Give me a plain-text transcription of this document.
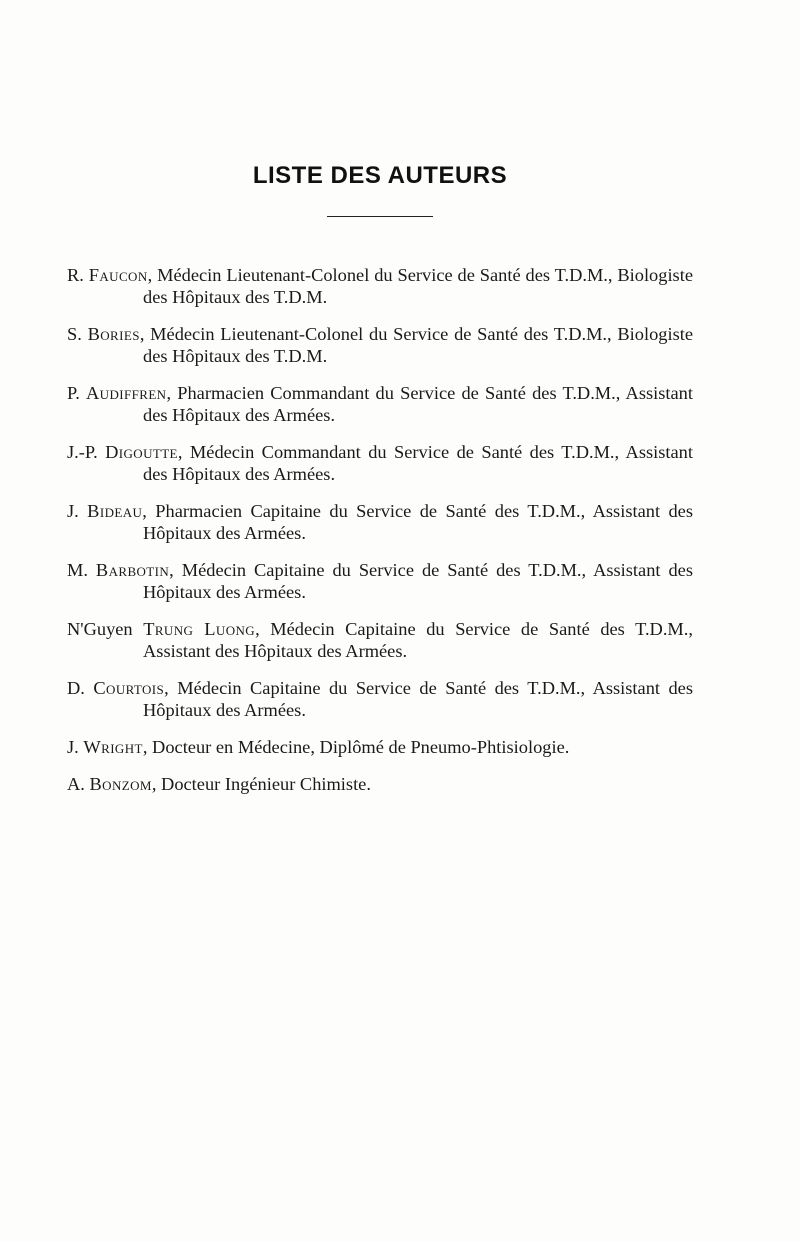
LISTE DES AUTEURS
R. Faucon, Médecin Lieutenant-Colonel du Service de Santé des T.D.M., Biologiste des Hôpitaux des T.D.M.
S. Bories, Médecin Lieutenant-Colonel du Service de Santé des T.D.M., Biologiste des Hôpitaux des T.D.M.
P. Audiffren, Pharmacien Commandant du Service de Santé des T.D.M., Assistant des Hôpitaux des Armées.
J.-P. Digoutte, Médecin Commandant du Service de Santé des T.D.M., Assistant des Hôpitaux des Armées.
J. Bideau, Pharmacien Capitaine du Service de Santé des T.D.M., Assistant des Hôpitaux des Armées.
M. Barbotin, Médecin Capitaine du Service de Santé des T.D.M., Assistant des Hôpitaux des Armées.
N'Guyen Trung Luong, Médecin Capitaine du Service de Santé des T.D.M., Assistant des Hôpitaux des Armées.
D. Courtois, Médecin Capitaine du Service de Santé des T.D.M., Assistant des Hôpitaux des Armées.
J. Wright, Docteur en Médecine, Diplômé de Pneumo-Phtisiologie.
A. Bonzom, Docteur Ingénieur Chimiste.
